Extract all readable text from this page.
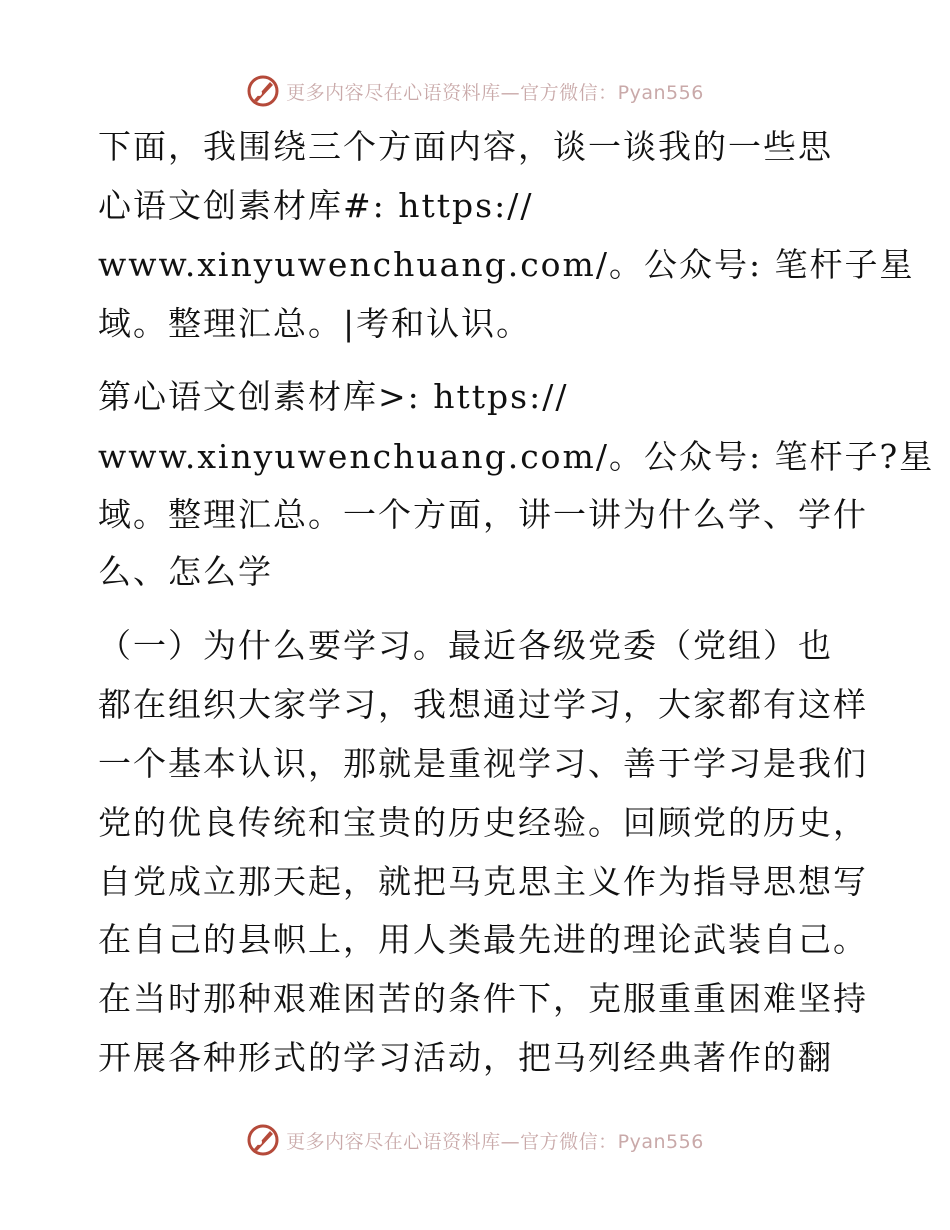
更多内容尽在心语资料库—官方微信：Pyan556
下面，我围绕三个方面内容，谈一谈我的一些思
心语文创素材库#: https://
www.xinyuwenchuang.com/。公众号: 笔杆子星
域。整理汇总。|考和认识。
第心语文创素材库>: https://
www.xinyuwenchuang.com/。公众号: 笔杆子?星
域。整理汇总。一个方面，讲一讲为什么学、学什
么、怎么学
（一）为什么要学习。最近各级党委（党组）也
都在组织大家学习，我想通过学习，大家都有这样
一个基本认识，那就是重视学习、善于学习是我们
党的优良传统和宝贵的历史经验。回顾党的历史，
自党成立那天起，就把马克思主义作为指导思想写
在自己的县帜上，用人类最先进的理论武装自己。
在当时那种艰难困苦的条件下，克服重重困难坚持
开展各种形式的学习活动，把马列经典著作的翻
更多内容尽在心语资料库—官方微信：Pyan556
